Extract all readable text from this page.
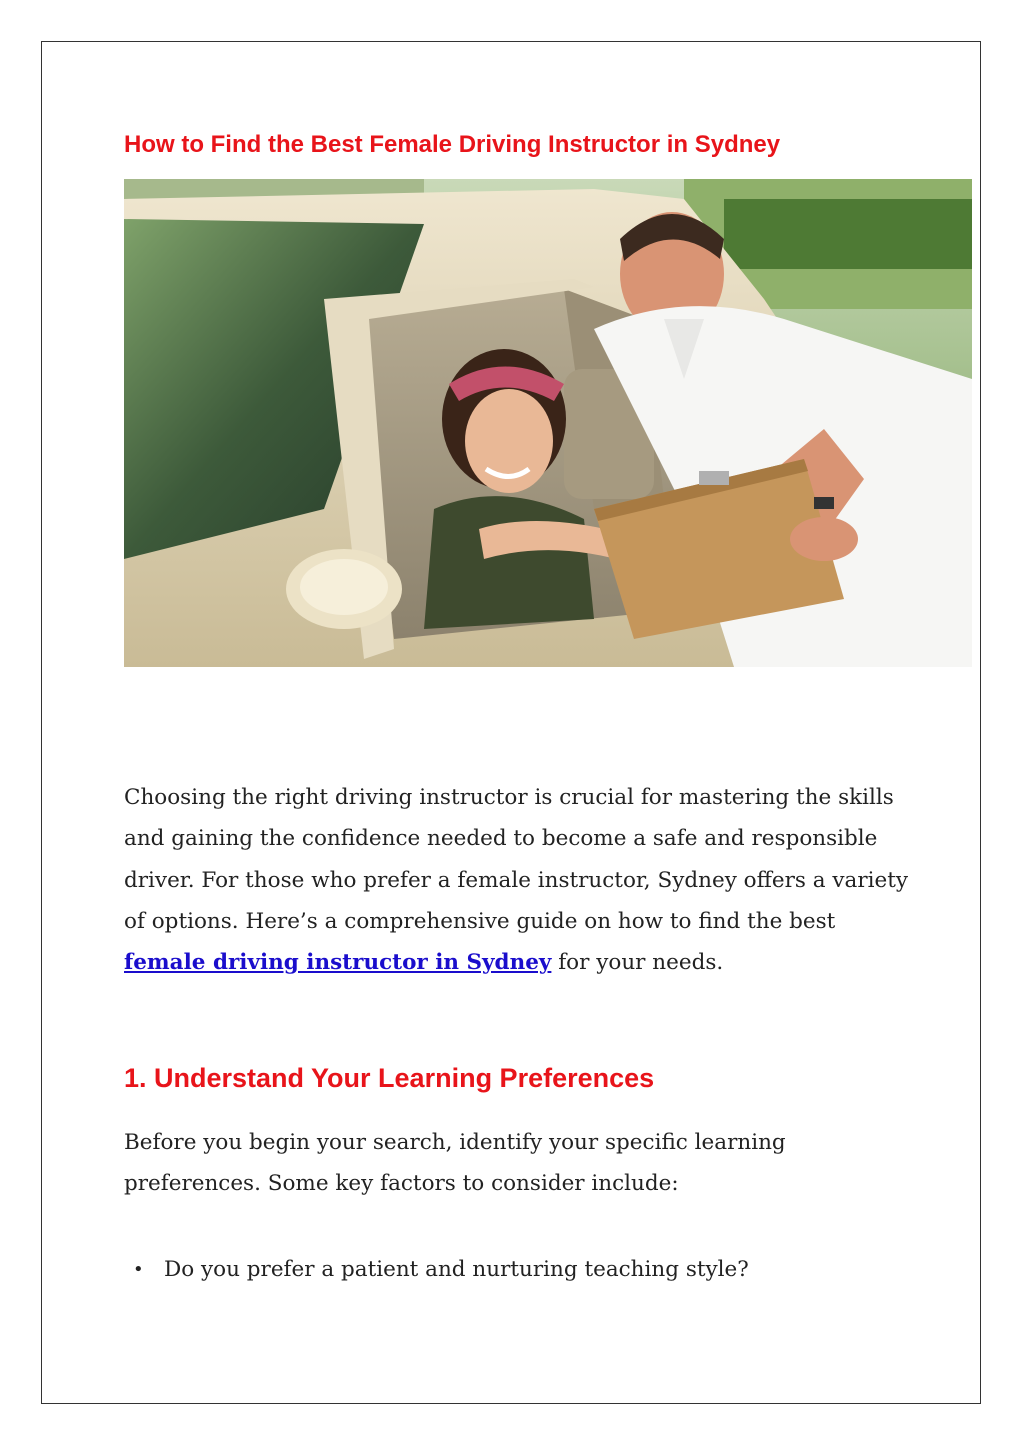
How to Find the Best Female Driving Instructor in Sydney

Choosing the right driving instructor is crucial for mastering the skills and gaining the confidence needed to become a safe and responsible driver. For those who prefer a female instructor, Sydney offers a variety of options. Here’s a comprehensive guide on how to find the best female driving instructor in Sydney for your needs.

1. Understand Your Learning Preferences

Before you begin your search, identify your specific learning preferences. Some key factors to consider include:

• Do you prefer a patient and nurturing teaching style?
